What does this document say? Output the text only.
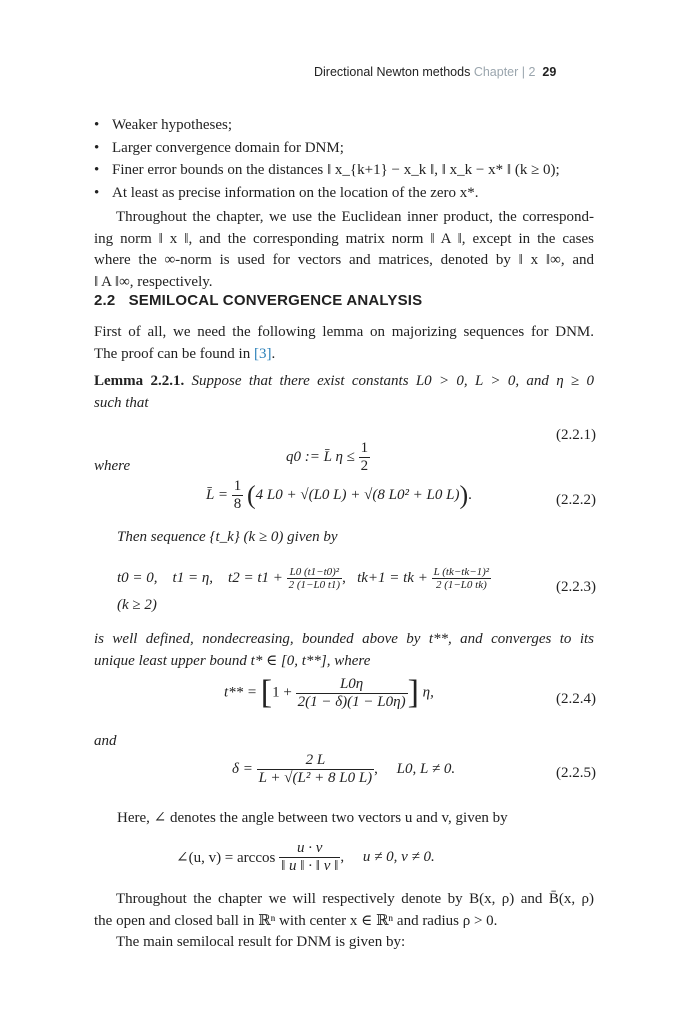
Directional Newton methods Chapter | 2 29
• Weaker hypotheses;
• Larger convergence domain for DNM;
• Finer error bounds on the distances ‖ x_{k+1} − x_k ‖, ‖ x_k − x* ‖ (k ≥ 0);
• At least as precise information on the location of the zero x*.
Throughout the chapter, we use the Euclidean inner product, the correspond-
ing norm ‖ x ‖, and the corresponding matrix norm ‖ A ‖, except in the cases
where the ∞-norm is used for vectors and matrices, denoted by ‖ x ‖∞, and
‖ A ‖∞, respectively.
2.2 SEMILOCAL CONVERGENCE ANALYSIS
First of all, we need the following lemma on majorizing sequences for DNM.
The proof can be found in [3].
Lemma 2.2.1. Suppose that there exist constants L0 > 0, L > 0, and η ≥ 0
such that
q0 := L̄ $\eta \le \frac{1}{2}$
(2.2.1)
where
L̄ = $\frac{1}{8} (4$ L0 + √(L0 L) + √(8 L0² + L0 L)).	(2.2.2)
Then sequence {t_k} (k ≥ 0) given by
t0 = 0, t1 = η, $t2 = t1 + \frac{\text{L0 (t1−t0)²}}{2 (1-L0 t1)}$ ,   tk+1 = tk + $\frac{\text{L (tk−tk−1)²}}{2 (1-L0 tk)}$	(2.2.3)
(k ≥ 2)
is well defined, nondecreasing, bounded above by t**, and converges to its
unique least upper bound t* ∈ [0, t**], where
$t** = [1 + \frac{L0\eta}{2(1 - \delta)(1 - L0\eta)}$ ] η,	(2.2.4)
and
$\delta = \frac{2 L}{\text{L + √(L² + 8 L0 L)}}$ ,     L0, L ≠ 0.	(2.2.5)
Here, ∠ denotes the angle between two vectors u and v, given by
∠(u, $v) = \arccos \frac{u \cdot v}{‖ u ‖ \cdot ‖ v ‖}$ ,     u ≠ 0, v ≠ 0.
Throughout the chapter we will respectively denote by B(x, ρ) and B̄(x, ρ)
the open and closed ball in ℝⁿ with center x ∈ ℝⁿ and radius ρ > 0.
The main semilocal result for DNM is given by:
